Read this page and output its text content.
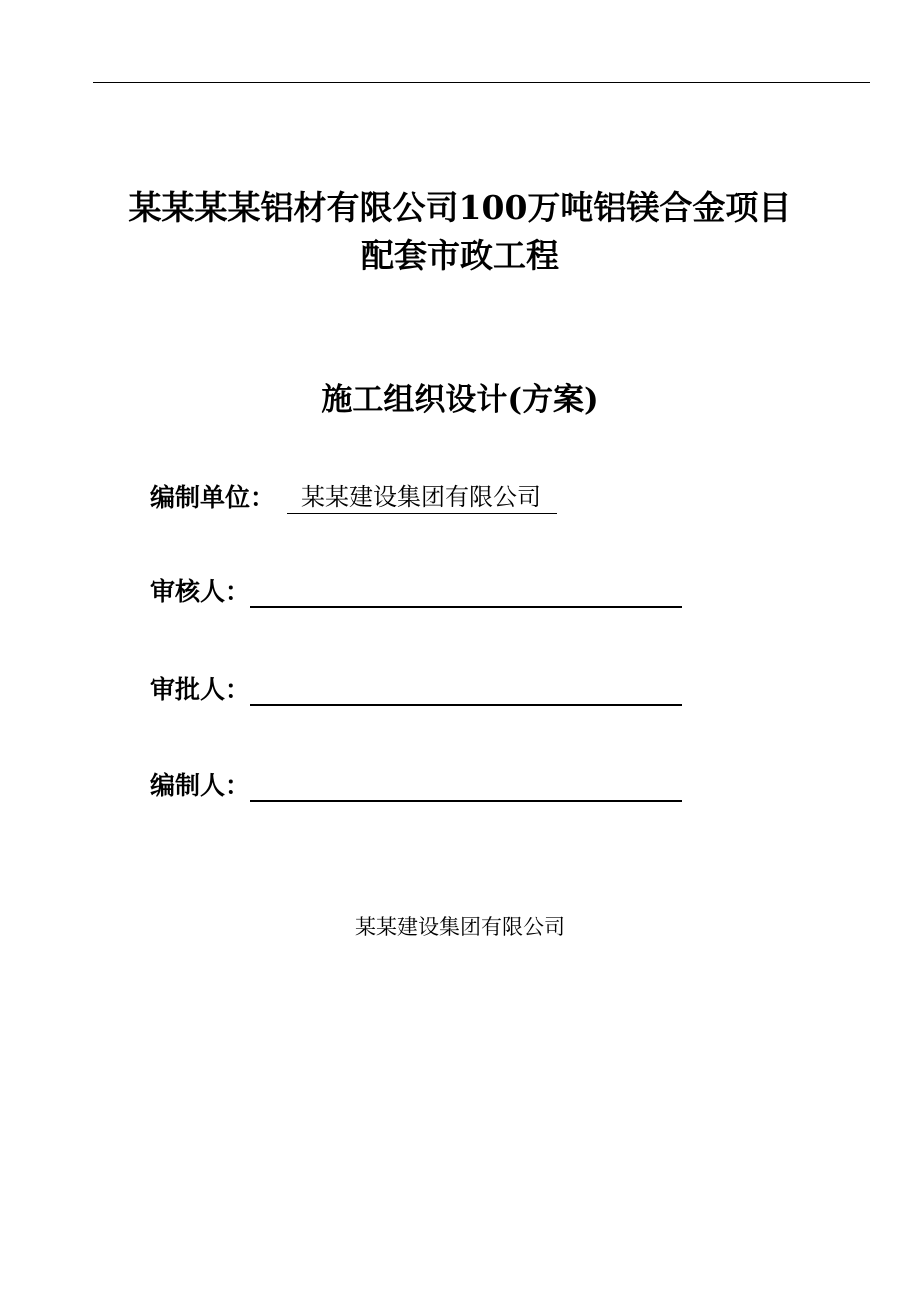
某某某某铝材有限公司100万吨铝镁合金项目
配套市政工程
施工组织设计(方案)
编制单位：	某某建设集团有限公司
审核人：
审批人：
编制人：
某某建设集团有限公司
